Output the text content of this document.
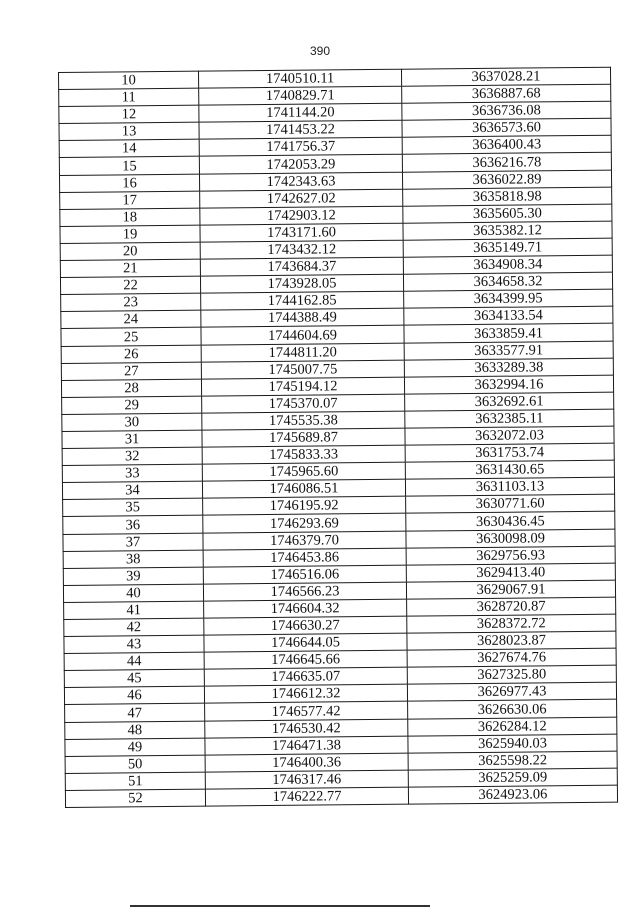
390
10	1740510.11	3637028.21
11	1740829.71	3636887.68
12	1741144.20	3636736.08
13	1741453.22	3636573.60
14	1741756.37	3636400.43
15	1742053.29	3636216.78
16	1742343.63	3636022.89
17	1742627.02	3635818.98
18	1742903.12	3635605.30
19	1743171.60	3635382.12
20	1743432.12	3635149.71
21	1743684.37	3634908.34
22	1743928.05	3634658.32
23	1744162.85	3634399.95
24	1744388.49	3634133.54
25	1744604.69	3633859.41
26	1744811.20	3633577.91
27	1745007.75	3633289.38
28	1745194.12	3632994.16
29	1745370.07	3632692.61
30	1745535.38	3632385.11
31	1745689.87	3632072.03
32	1745833.33	3631753.74
33	1745965.60	3631430.65
34	1746086.51	3631103.13
35	1746195.92	3630771.60
36	1746293.69	3630436.45
37	1746379.70	3630098.09
38	1746453.86	3629756.93
39	1746516.06	3629413.40
40	1746566.23	3629067.91
41	1746604.32	3628720.87
42	1746630.27	3628372.72
43	1746644.05	3628023.87
44	1746645.66	3627674.76
45	1746635.07	3627325.80
46	1746612.32	3626977.43
47	1746577.42	3626630.06
48	1746530.42	3626284.12
49	1746471.38	3625940.03
50	1746400.36	3625598.22
51	1746317.46	3625259.09
52	1746222.77	3624923.06
